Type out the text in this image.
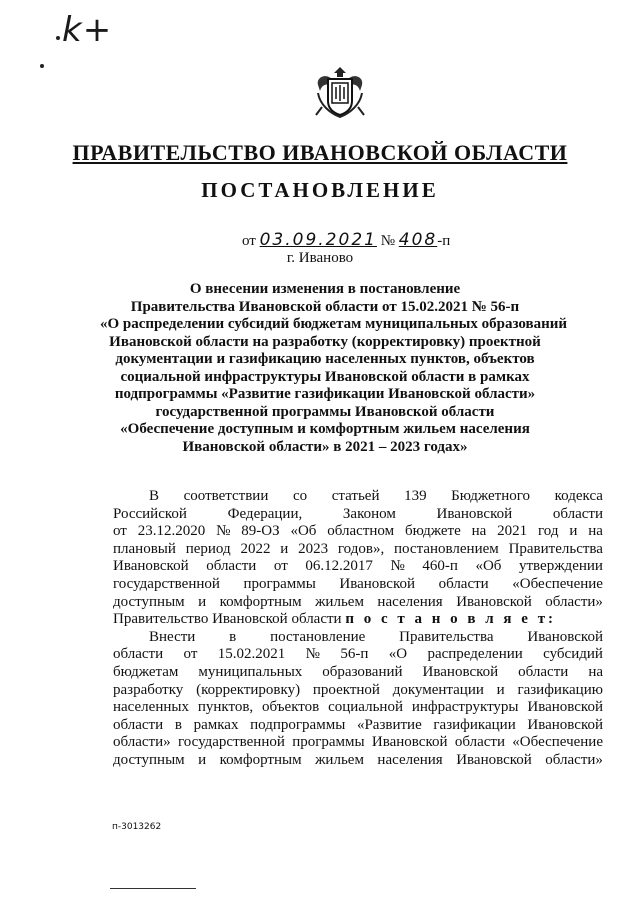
k+
ПРАВИТЕЛЬСТВО ИВАНОВСКОЙ ОБЛАСТИ
ПОСТАНОВЛЕНИЕ
от 03.09.2021 № 408-п
г. Иваново
О внесении изменения в постановление
Правительства Ивановской области от 15.02.2021 № 56-п
«О распределении субсидий бюджетам муниципальных образований
Ивановской области на разработку (корректировку) проектной
документации и газификацию населенных пунктов, объектов
социальной инфраструктуры Ивановской области в рамках
подпрограммы «Развитие газификации Ивановской области»
государственной программы Ивановской области
«Обеспечение доступным и комфортным жильем населения
Ивановской области» в 2021 – 2023 годах»
В соответствии со статьей 139 Бюджетного кодекса
Российской	Федерации,	Законом	Ивановской	области
от 23.12.2020 № 89-ОЗ «Об областном бюджете на 2021 год и на
плановый период 2022 и 2023 годов», постановлением Правительства
Ивановской области от 06.12.2017 № 460-п «Об утверждении
государственной программы Ивановской области «Обеспечение
доступным и комфортным жильем населения Ивановской области»
Правительство Ивановской области
п о с т а н о в л я е т:
Внести в постановление Правительства Ивановской
области от 15.02.2021 № 56-п «О распределении субсидий
бюджетам муниципальных образований Ивановской области на
разработку (корректировку) проектной документации и газификацию
населенных пунктов, объектов социальной инфраструктуры Ивановской
области в рамках подпрограммы «Развитие газификации Ивановской
области» государственной программы Ивановской области «Обеспечение
доступным и комфортным жильем населения Ивановской области»
п-3013262
